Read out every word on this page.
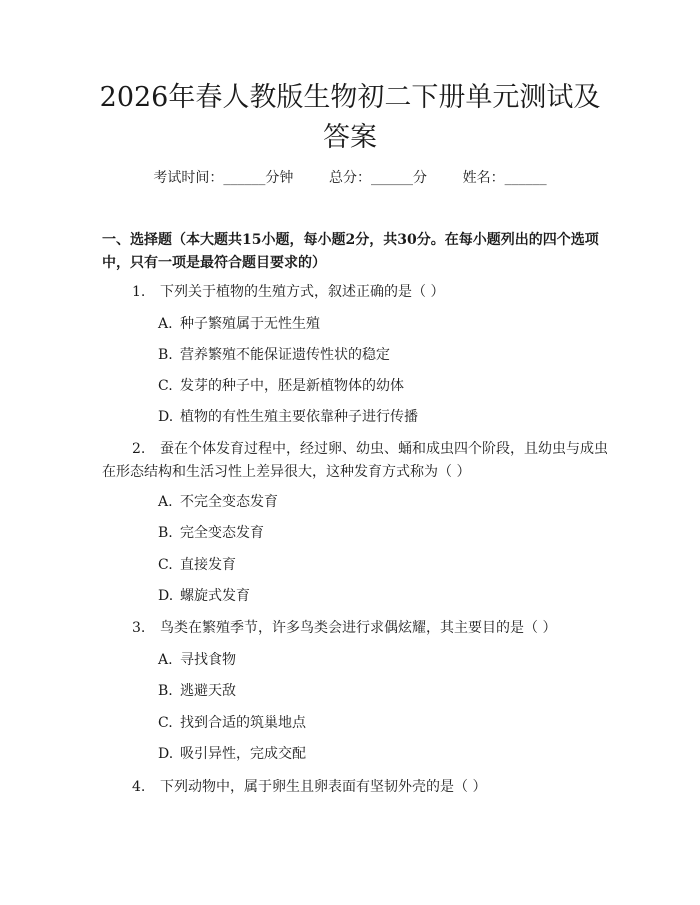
2026年春人教版生物初二下册单元测试及答案
考试时间：______分钟	总分：______分	姓名：______
一、选择题（本大题共15小题，每小题2分，共30分。在每小题列出的四个选项中，只有一项是最符合题目要求的）
1. 下列关于植物的生殖方式，叙述正确的是（ ）
A. 种子繁殖属于无性生殖
B. 营养繁殖不能保证遗传性状的稳定
C. 发芽的种子中，胚是新植物体的幼体
D. 植物的有性生殖主要依靠种子进行传播
2. 蚕在个体发育过程中，经过卵、幼虫、蛹和成虫四个阶段，且幼虫与成虫在形态结构和生活习性上差异很大，这种发育方式称为（ ）
A. 不完全变态发育
B. 完全变态发育
C. 直接发育
D. 螺旋式发育
3. 鸟类在繁殖季节，许多鸟类会进行求偶炫耀，其主要目的是（ ）
A. 寻找食物
B. 逃避天敌
C. 找到合适的筑巢地点
D. 吸引异性，完成交配
4. 下列动物中，属于卵生且卵表面有坚韧外壳的是（ ）
